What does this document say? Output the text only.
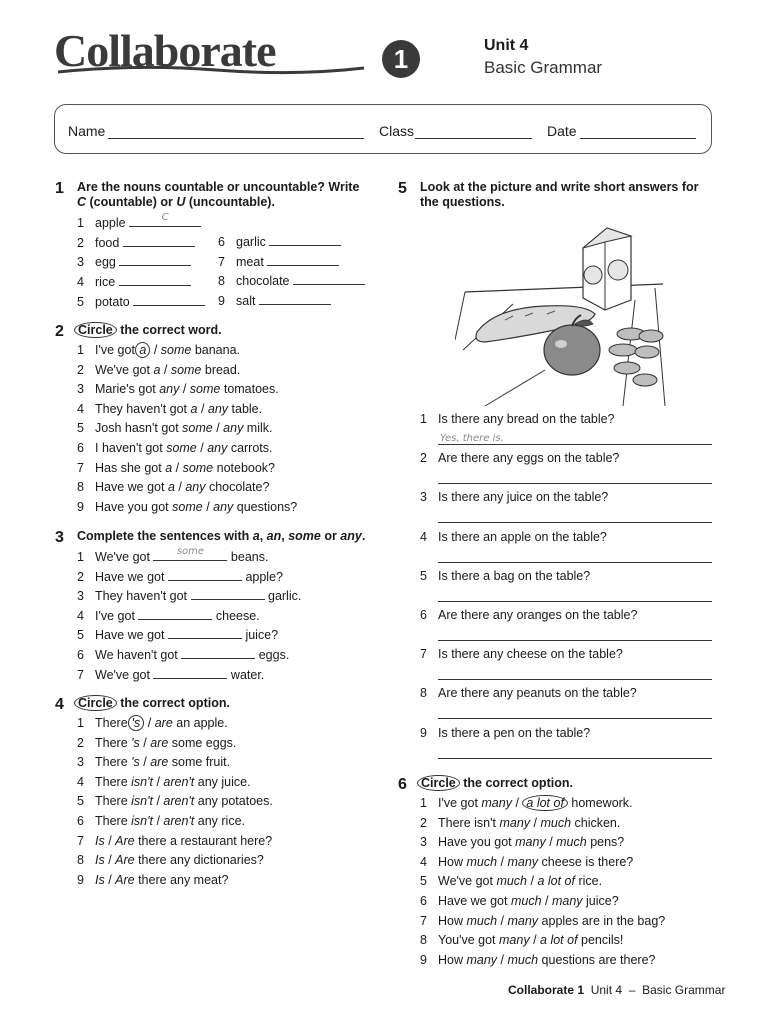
Collaborate	1	Unit 4
Basic Grammar
Name	Class	Date
1 Are the nouns countable or uncountable? Write C (countable) or U (uncountable).
1 apple	C
2 food
3 egg
4 rice
5 potato
6 garlic
7 meat
8 chocolate
9 salt
2 Circle the correct word.
1 I've got a / some banana.
2 We've got a / some bread.
3 Marie's got any / some tomatoes.
4 They haven't got a / any table.
5 Josh hasn't got some / any milk.
6 I haven't got some / any carrots.
7 Has she got a / some notebook?
8 Have we got a / any chocolate?
9 Have you got some / any questions?
3 Complete the sentences with a, an, some or any.
1 We've got	some	beans.
2 Have we got	apple?
3 They haven't got	garlic.
4 I've got	cheese.
5 Have we got	juice?
6 We haven't got	eggs.
7 We've got	water.
4 Circle the correct option.
1 There 's / are an apple.
2 There 's / are some eggs.
3 There 's / are some fruit.
4 There isn't / aren't any juice.
5 There isn't / aren't any potatoes.
6 There isn't / aren't any rice.
7 Is / Are there a restaurant here?
8 Is / Are there any dictionaries?
9 Is / Are there any meat?
5 Look at the picture and write short answers for the questions.
1 Is there any bread on the table?
Yes, there is.
2 Are there any eggs on the table?
3 Is there any juice on the table?
4 Is there an apple on the table?
5 Is there a bag on the table?
6 Are there any oranges on the table?
7 Is there any cheese on the table?
8 Are there any peanuts on the table?
9 Is there a pen on the table?
6 Circle the correct option.
1 I've got many / a lot of homework.
2 There isn't many / much chicken.
3 Have you got many / much pens?
4 How much / many cheese is there?
5 We've got much / a lot of rice.
6 Have we got much / many juice?
7 How much / many apples are in the bag?
8 You've got many / a lot of pencils!
9 How many / much questions are there?
Collaborate 1 Unit 4 – Basic Grammar
